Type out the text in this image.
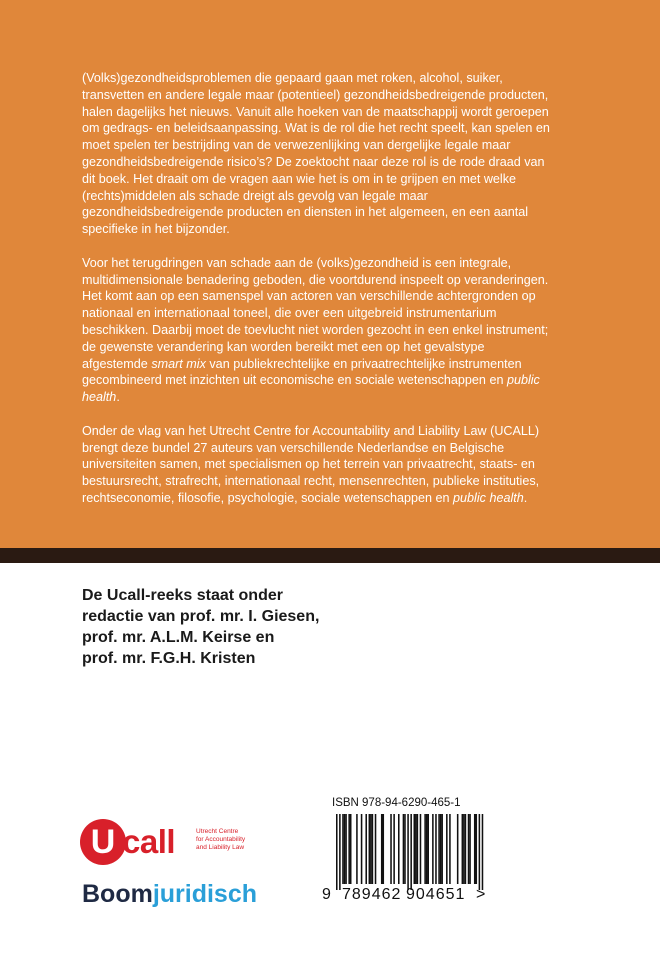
(Volks)gezondheidsproblemen die gepaard gaan met roken, alcohol, suiker, transvetten en andere legale maar (potentieel) gezondheidsbedreigende producten, halen dagelijks het nieuws. Vanuit alle hoeken van de maatschappij wordt geroepen om gedrags- en beleidsaanpassing. Wat is de rol die het recht speelt, kan spelen en moet spelen ter bestrijding van de verwezenlijking van dergelijke legale maar gezondheidsbedreigende risico’s? De zoektocht naar deze rol is de rode draad van dit boek. Het draait om de vragen aan wie het is om in te grijpen en met welke (rechts)middelen als schade dreigt als gevolg van legale maar gezondheidsbedreigende producten en diensten in het algemeen, en een aantal specifieke in het bijzonder.

Voor het terugdringen van schade aan de (volks)gezondheid is een integrale, multidimensionale benadering geboden, die voortdurend inspeelt op veranderingen. Het komt aan op een samenspel van actoren van verschillende achtergronden op nationaal en internationaal toneel, die over een uitgebreid instrumentarium beschikken. Daarbij moet de toevlucht niet worden gezocht in een enkel instrument; de gewenste verandering kan worden bereikt met een op het gevalstype afgestemde smart mix van publiekrechtelijke en privaatrechtelijke instrumenten gecombineerd met inzichten uit economische en sociale wetenschappen en public health.

Onder de vlag van het Utrecht Centre for Accountability and Liability Law (UCALL) brengt deze bundel 27 auteurs van verschillende Nederlandse en Belgische universiteiten samen, met specialismen op het terrein van privaatrecht, staats- en bestuursrecht, strafrecht, internationaal recht, mensenrechten, publieke instituties, rechtseconomie, filosofie, psychologie, sociale wetenschappen en public health.

De Ucall-reeks staat onder
redactie van prof. mr. I. Giesen,
prof. mr. A.L.M. Keirse en
prof. mr. F.G.H. Kristen
U call	Utrecht Centre
for Accountability
and Liability Law
Boomjuridisch
ISBN 978-94-6290-465-1
9 789462 904651 >
